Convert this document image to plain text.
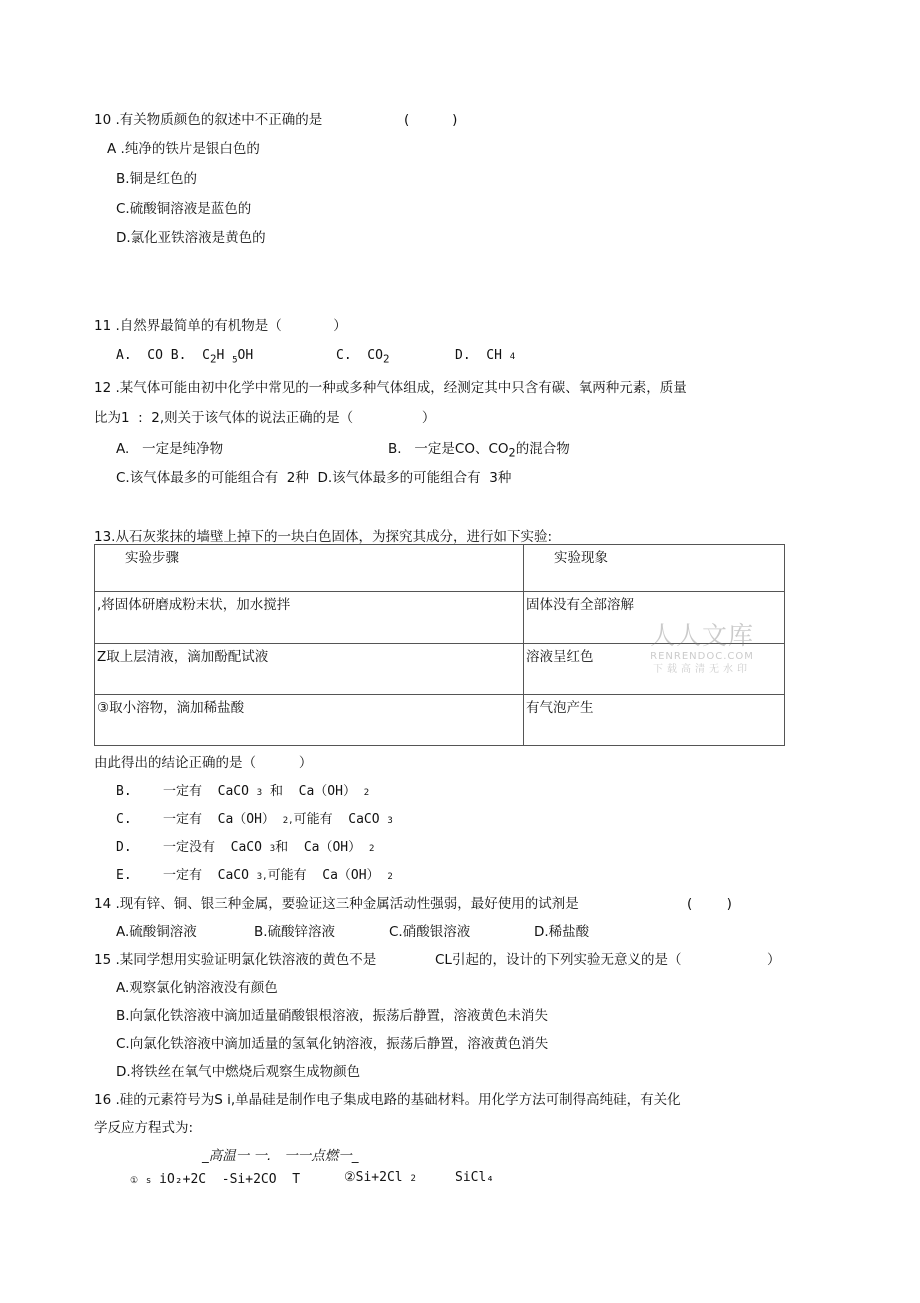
10 .有关物质颜色的叙述中不正确的是	(          )
A .纯净的铁片是银白色的
B.铜是红色的
C.硫酸铜溶液是蓝色的
D.氯化亚铁溶液是黄色的
11 .自然界最简单的有机物是（            ）
A.  CO B.  $C_2H$ $_5$OH	C.  $CO_2$	D.  CH 4
12 .某气体可能由初中化学中常见的一种或多种气体组成，经测定其中只含有碳、氧两种元素，质量
比为1  :  2,则关于该气体的说法正确的是（                ）
A.   一定是纯净物	B.   一定是CO、$CO_2$的混合物
C.该气体最多的可能组合有  2种  D.该气体最多的可能组合有  3种
13.从石灰浆抹的墙壁上掉下的一块白色固体，为探究其成分，进行如下实验:
实验步骤	实验现象
,将固体研磨成粉末状，加水搅拌	固体没有全部溶解
Z取上层清液，滴加酚配试液	溶液呈红色
③取小溶物，滴加稀盐酸	有气泡产生
人人文库
RENRENDOC.COM
下载高清无水印
由此得出的结论正确的是（          ）
B.    一定有  CaCO 3 和  Ca（OH） 2
C.    一定有  Ca（OH） 2,可能有  CaCO 3
D.    一定没有  CaCO 3和  Ca（OH） 2
E.    一定有  CaCO 3,可能有  Ca（OH） 2
14 .现有锌、铜、银三种金属，要验证这三种金属活动性强弱，最好使用的试剂是	(        )
A.硫酸铜溶液	B.硫酸锌溶液	C.硝酸银溶液	D.稀盐酸
15 .某同学想用实验证明氯化铁溶液的黄色不是	CL引起的，设计的下列实验无意义的是（	）
A.观察氯化钠溶液没有颜色
B.向氯化铁溶液中滴加适量硝酸银根溶液，振荡后静置，溶液黄色未消失
C.向氯化铁溶液中滴加适量的氢氧化钠溶液，振荡后静置，溶液黄色消失
D.将铁丝在氧气中燃烧后观察生成物颜色
16 .硅的元素符号为S i,单晶硅是制作电子集成电路的基础材料。用化学方法可制得高纯硅，有关化
学反应方程式为:
_高温一 一.   一一点燃一_
① s iO₂+2C  -Si+2CO  T	②Si+2Cl 2	SiCl₄
